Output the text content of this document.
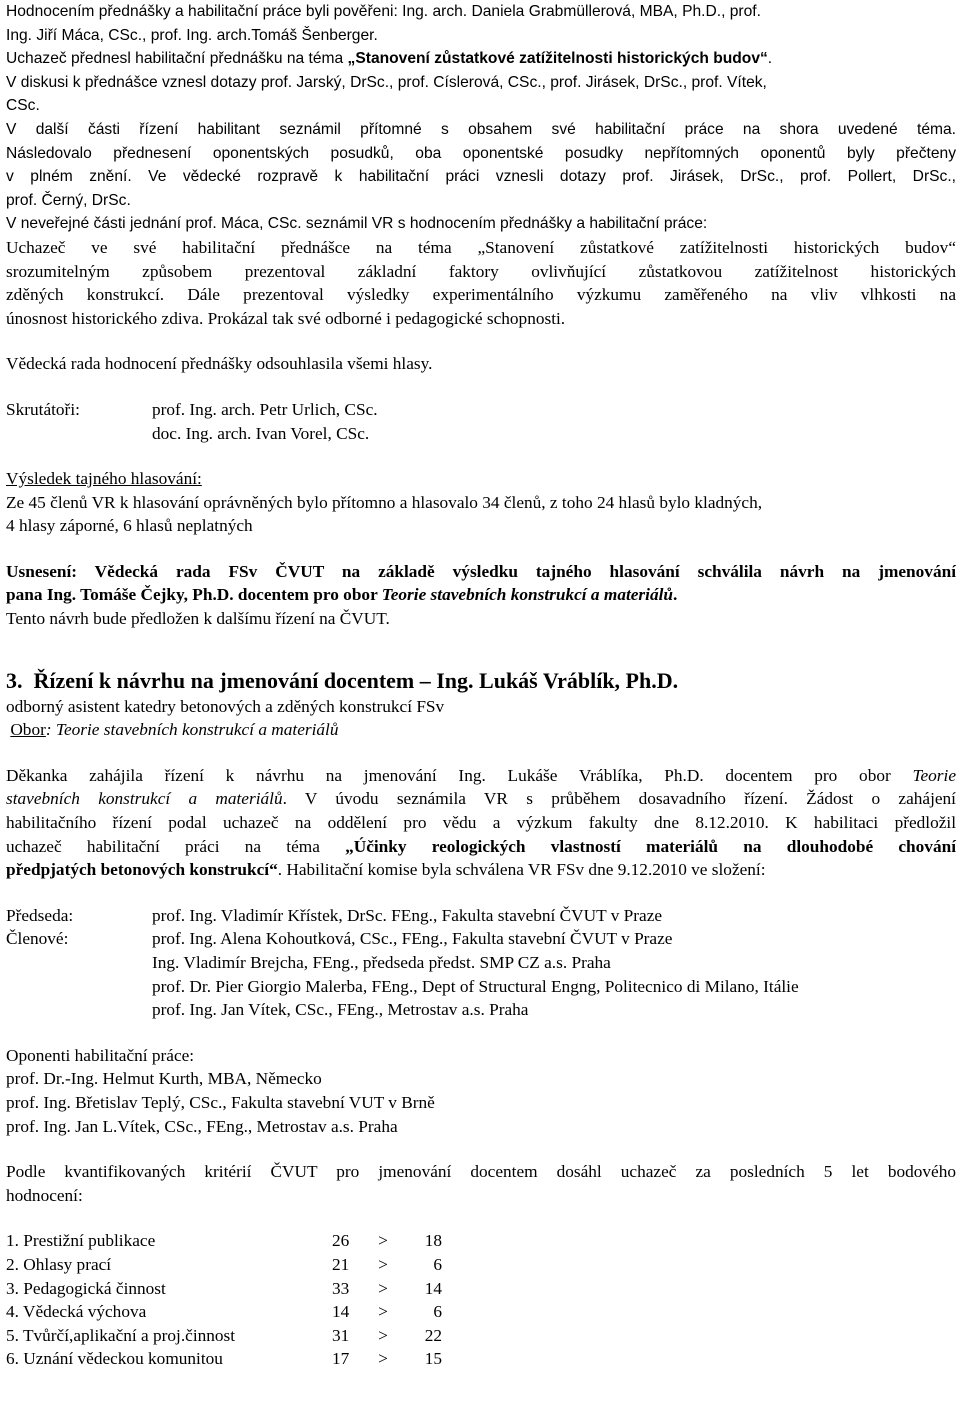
Hodnocením přednášky a habilitační práce byli pověřeni: Ing. arch. Daniela Grabmüllerová, MBA, Ph.D., prof.

Ing. Jiří Máca, CSc., prof. Ing. arch.Tomáš Šenberger.

Uchazeč přednesl habilitační přednášku na téma „Stanovení zůstatkové zatížitelnosti historických budov“.

V diskusi k přednášce vznesl dotazy prof. Jarský, DrSc., prof. Císlerová, CSc., prof. Jirásek, DrSc., prof. Vítek,

CSc.

V další části řízení habilitant seznámil přítomné s obsahem své habilitační práce na shora uvedené téma.

Následovalo přednesení oponentských posudků, oba oponentské posudky nepřítomných oponentů byly přečteny

v plném znění. Ve vědecké rozpravě k habilitační práci vznesli dotazy prof. Jirásek, DrSc., prof. Pollert, DrSc.,

prof. Černý, DrSc.

V neveřejné části jednání prof. Máca, CSc. seznámil VR s hodnocením přednášky a habilitační práce:

Uchazeč ve své habilitační přednášce na téma „Stanovení zůstatkové zatížitelnosti historických budov“

srozumitelným způsobem prezentoval základní faktory ovlivňující zůstatkovou zatížitelnost historických

zděných konstrukcí. Dále prezentoval výsledky experimentálního výzkumu zaměřeného na vliv vlhkosti na

únosnost historického zdiva. Prokázal tak své odborné i pedagogické schopnosti.

Vědecká rada hodnocení přednášky odsouhlasila všemi hlasy.

Skrutátoři:	prof. Ing. arch. Petr Urlich, CSc.
doc. Ing. arch. Ivan Vorel, CSc.

Výsledek tajného hlasování:

Ze 45 členů VR k hlasování oprávněných bylo přítomno a hlasovalo 34 členů, z toho 24 hlasů bylo kladných,

4 hlasy záporné, 6 hlasů neplatných

Usnesení: Vědecká rada FSv ČVUT na základě výsledku tajného hlasování schválila návrh na jmenování

pana Ing. Tomáše Čejky, Ph.D. docentem pro obor Teorie stavebních konstrukcí a materiálů.

Tento návrh bude předložen k dalšímu řízení na ČVUT.

3. Řízení k návrhu na jmenování docentem – Ing. Lukáš Vráblík, Ph.D.

odborný asistent katedry betonových a zděných konstrukcí FSv

Obor: Teorie stavebních konstrukcí a materiálů

Děkanka zahájila řízení k návrhu na jmenování Ing. Lukáše Vráblíka, Ph.D. docentem pro obor Teorie

stavebních konstrukcí a materiálů. V úvodu seznámila VR s průběhem dosavadního řízení. Žádost o zahájení

habilitačního řízení podal uchazeč na oddělení pro vědu a výzkum fakulty dne 8.12.2010. K habilitaci předložil

uchazeč habilitační práci na téma „Účinky reologických vlastností materiálů na dlouhodobé chování

předpjatých betonových konstrukcí“. Habilitační komise byla schválena VR FSv dne 9.12.2010 ve složení:

Předseda:	prof. Ing. Vladimír Křístek, DrSc. FEng., Fakulta stavební ČVUT v Praze
Členové:	prof. Ing. Alena Kohoutková, CSc., FEng., Fakulta stavební ČVUT v Praze
Ing. Vladimír Brejcha, FEng., předseda předst. SMP CZ a.s. Praha
prof. Dr. Pier Giorgio Malerba, FEng., Dept of Structural Engng, Politecnico di Milano, Itálie
prof. Ing. Jan Vítek, CSc., FEng., Metrostav a.s. Praha

Oponenti habilitační práce:

prof. Dr.-Ing. Helmut Kurth, MBA, Německo

prof. Ing. Břetislav Teplý, CSc., Fakulta stavební VUT v Brně

prof. Ing. Jan L.Vítek, CSc., FEng., Metrostav a.s. Praha

Podle kvantifikovaných kritérií ČVUT pro jmenování docentem dosáhl uchazeč za posledních 5 let bodového

hodnocení:

1. Prestižní publikace	26	>	18
2. Ohlasy prací	21	>	6
3. Pedagogická činnost	33	>	14
4. Vědecká výchova	14	>	6
5. Tvůrčí,aplikační a proj.činnost	31	>	22
6. Uznání vědeckou komunitou	17	>	15
